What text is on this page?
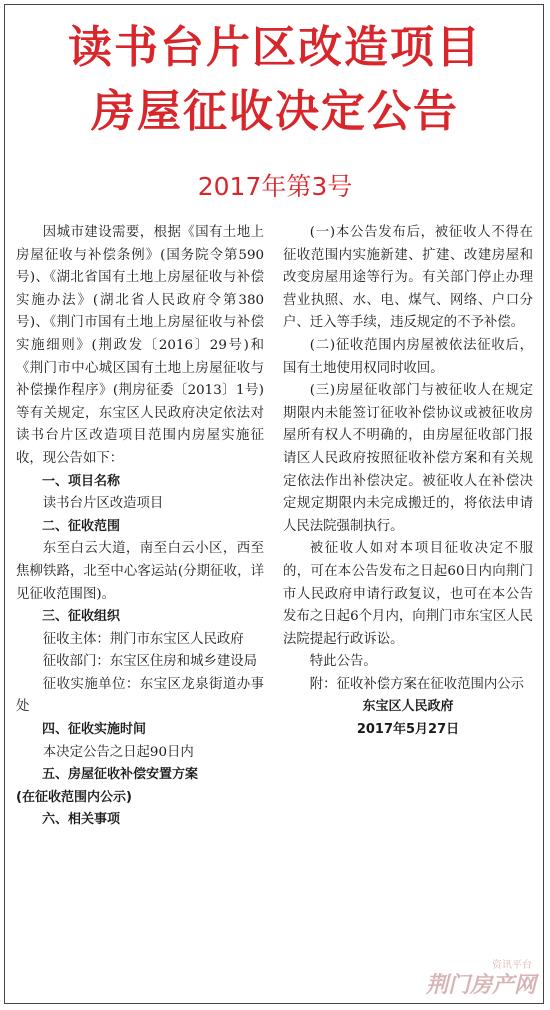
读书台片区改造项目
房屋征收决定公告
2017年第3号

因城市建设需要，根据《国有土地上房屋征收与补偿条例》(国务院令第590号)、《湖北省国有土地上房屋征收与补偿实施办法》(湖北省人民政府令第380号)、《荆门市国有土地上房屋征收与补偿实施细则》(荆政发〔2016〕29号)和《荆门市中心城区国有土地上房屋征收与补偿操作程序》(荆房征委〔2013〕1号)等有关规定，东宝区人民政府决定依法对读书台片区改造项目范围内房屋实施征收，现公告如下：

一、项目名称

读书台片区改造项目

二、征收范围

东至白云大道，南至白云小区，西至焦柳铁路，北至中心客运站(分期征收，详见征收范围图)。

三、征收组织

征收主体：荆门市东宝区人民政府

征收部门：东宝区住房和城乡建设局

征收实施单位：东宝区龙泉街道办事处

四、征收实施时间

本决定公告之日起90日内

五、房屋征收补偿安置方案

(在征收范围内公示)

六、相关事项

(一)本公告发布后，被征收人不得在征收范围内实施新建、扩建、改建房屋和改变房屋用途等行为。有关部门停止办理营业执照、水、电、煤气、网络、户口分户、迁入等手续，违反规定的不予补偿。

(二)征收范围内房屋被依法征收后，国有土地使用权同时收回。

(三)房屋征收部门与被征收人在规定期限内未能签订征收补偿协议或被征收房屋所有权人不明确的，由房屋征收部门报请区人民政府按照征收补偿方案和有关规定依法作出补偿决定。被征收人在补偿决定规定期限内未完成搬迁的，将依法申请人民法院强制执行。

被征收人如对本项目征收决定不服的，可在本公告发布之日起60日内向荆门市人民政府申请行政复议，也可在本公告发布之日起6个月内，向荆门市东宝区人民法院提起行政诉讼。

特此公告。

附：征收补偿方案在征收范围内公示

东宝区人民政府

2017年5月27日

资讯平台
荆门房产网
